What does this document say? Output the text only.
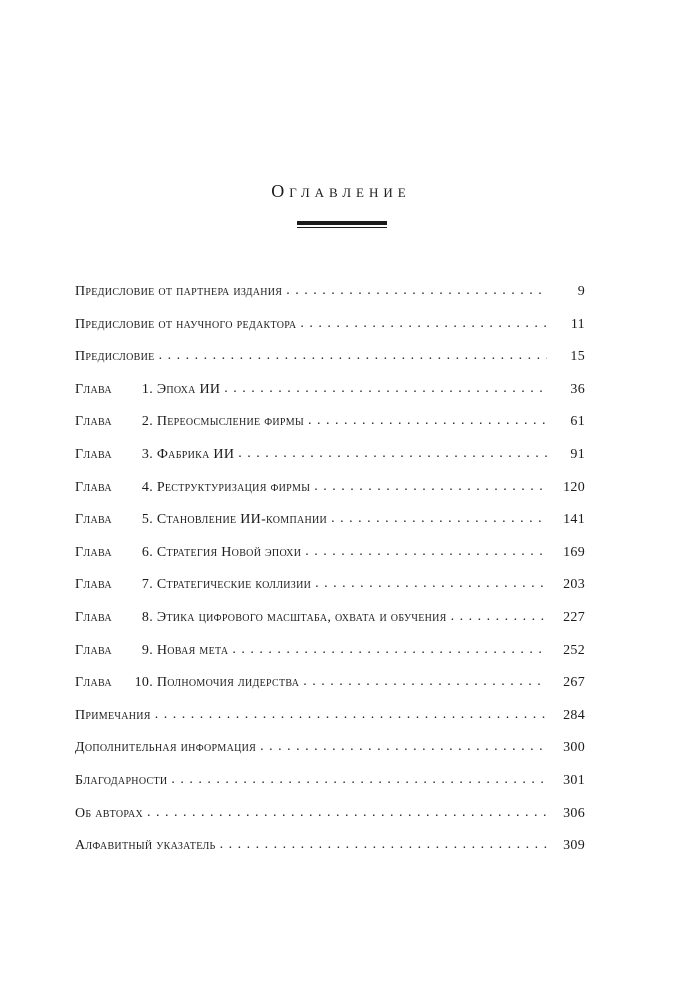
Оглавление
Предисловие от партнера издания . . .	9
Предисловие от научного редактора . . .	11
Предисловие . . .	15
Глава 1. Эпоха ИИ . . .	36
Глава 2. Переосмысление фирмы . . .	61
Глава 3. Фабрика ИИ . . .	91
Глава 4. Реструктуризация фирмы . . .	120
Глава 5. Становление ИИ-компании . . .	141
Глава 6. Стратегия Новой эпохи . . .	169
Глава 7. Стратегические коллизии . . .	203
Глава 8. Этика цифрового масштаба, охвата и обучения . . .	227
Глава 9. Новая мета . . .	252
Глава 10. Полномочия лидерства . . .	267
Примечания . . .	284
Дополнительная информация . . .	300
Благодарности . . .	301
Об авторах . . .	306
Алфавитный указатель . . .	309
